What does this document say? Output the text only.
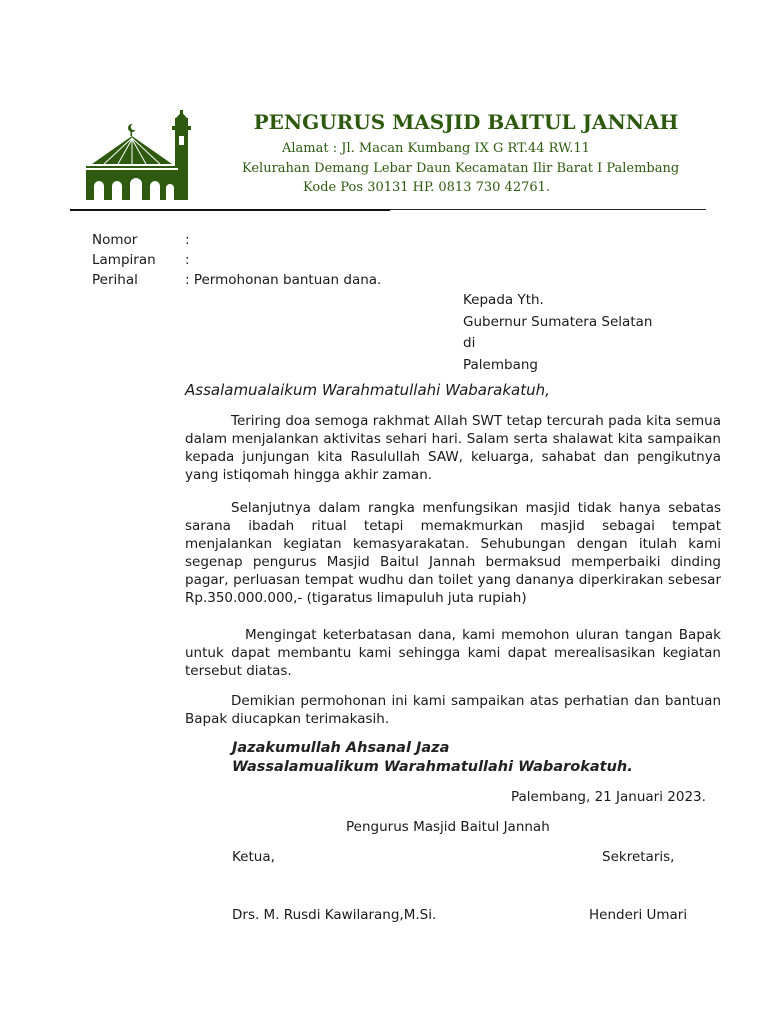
PENGURUS MASJID BAITUL JANNAH
Alamat : Jl. Macan Kumbang IX G RT.44 RW.11
Kelurahan Demang Lebar Daun Kecamatan Ilir Barat I Palembang
Kode Pos 30131 HP. 0813 730 42761.
Nomor	:
Lampiran	:
Perihal	: Permohonan bantuan dana.
Kepada Yth.
Gubernur Sumatera Selatan
di
Palembang
Assalamualaikum Warahmatullahi Wabarakatuh,
Teriring doa semoga rakhmat Allah SWT tetap tercurah pada kita semua dalam menjalankan aktivitas sehari hari. Salam serta shalawat kita sampaikan kepada junjungan kita Rasulullah SAW, keluarga, sahabat dan pengikutnya yang istiqomah hingga akhir zaman.
Selanjutnya dalam rangka menfungsikan masjid tidak hanya sebatas sarana ibadah ritual tetapi memakmurkan masjid sebagai tempat menjalankan kegiatan kemasyarakatan. Sehubungan dengan itulah kami segenap pengurus Masjid Baitul Jannah bermaksud memperbaiki dinding pagar, perluasan tempat wudhu dan toilet yang dananya diperkirakan sebesar Rp.350.000.000,- (tigaratus limapuluh juta rupiah)
Mengingat keterbatasan dana, kami memohon uluran tangan Bapak untuk dapat membantu kami sehingga kami dapat merealisasikan kegiatan tersebut diatas.
Demikian permohonan ini kami sampaikan atas perhatian dan bantuan Bapak diucapkan terimakasih.
Jazakumullah Ahsanal Jaza
Wassalamualikum Warahmatullahi Wabarokatuh.
Palembang, 21 Januari 2023.
Pengurus Masjid Baitul Jannah
Ketua,	Sekretaris,
Drs. M. Rusdi Kawilarang,M.Si.	Henderi Umari
